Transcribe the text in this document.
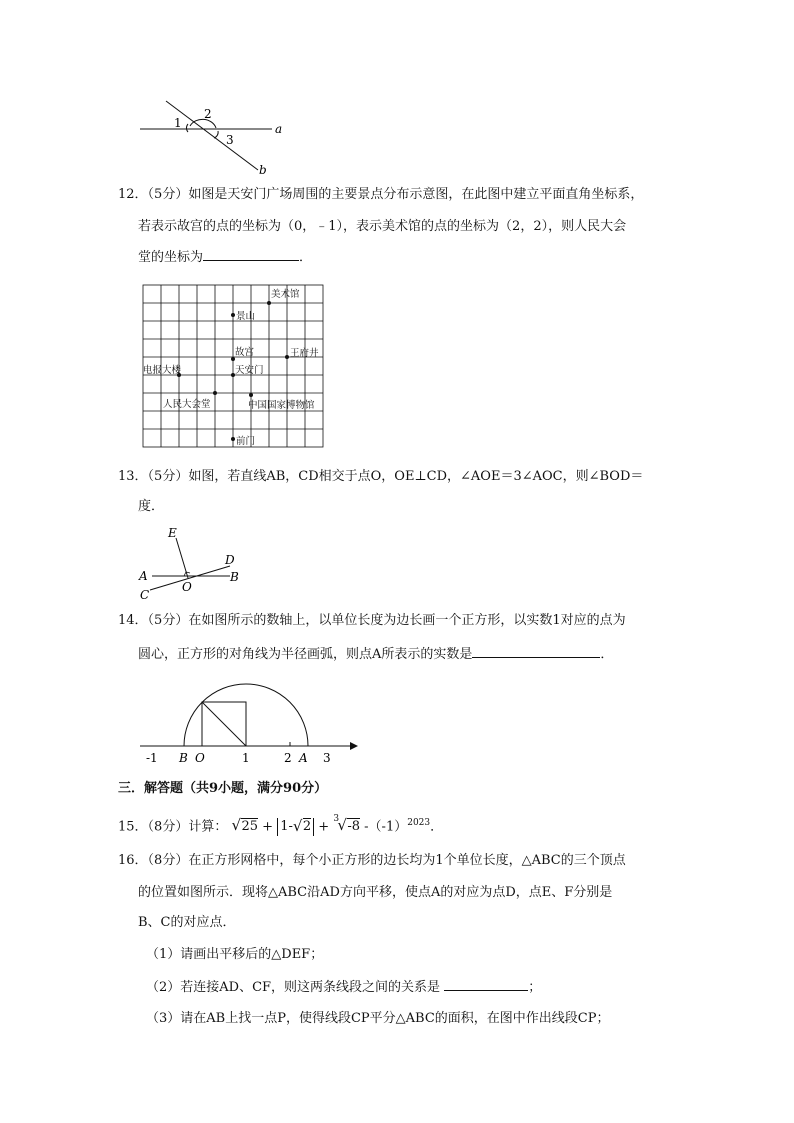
1
2
3
a
b
12．（5分）如图是天安门广场周围的主要景点分布示意图，在此图中建立平面直角坐标系，
若表示故宫的点的坐标为（0，﹣1），表示美术馆的点的坐标为（2，2），则人民大会
堂的坐标为	．
美术馆
景山
故宫	王府井
电报大楼	天安门
人民大会堂	中国国家博物馆
前门
13．（5分）如图，若直线AB，CD相交于点O，OE⊥CD，∠AOE＝3∠AOC，则∠BOD＝
度．
E
D
A	B
O
C
14．（5分）在如图所示的数轴上，以单位长度为边长画一个正方形，以实数1对应的点为
圆心，正方形的对角线为半径画弧，则点A所表示的实数是	．
-1 B O	1	2 A 3
三．解答题（共9小题，满分90分）
15．（8分）计算： √ 25 + 1- √ 2 + 3
√ -8 $-(-1)^{2023}$．
16．（8分）在正方形网格中，每个小正方形的边长均为1个单位长度，△ABC的三个顶点
的位置如图所示．现将△ABC沿AD方向平移，使点A的对应为点D，点E、F分别是
B、C的对应点．
（1）请画出平移后的△DEF；
（2）若连接AD、CF，则这两条线段之间的关系是	；
（3）请在AB上找一点P，使得线段CP平分△ABC的面积，在图中作出线段CP；
